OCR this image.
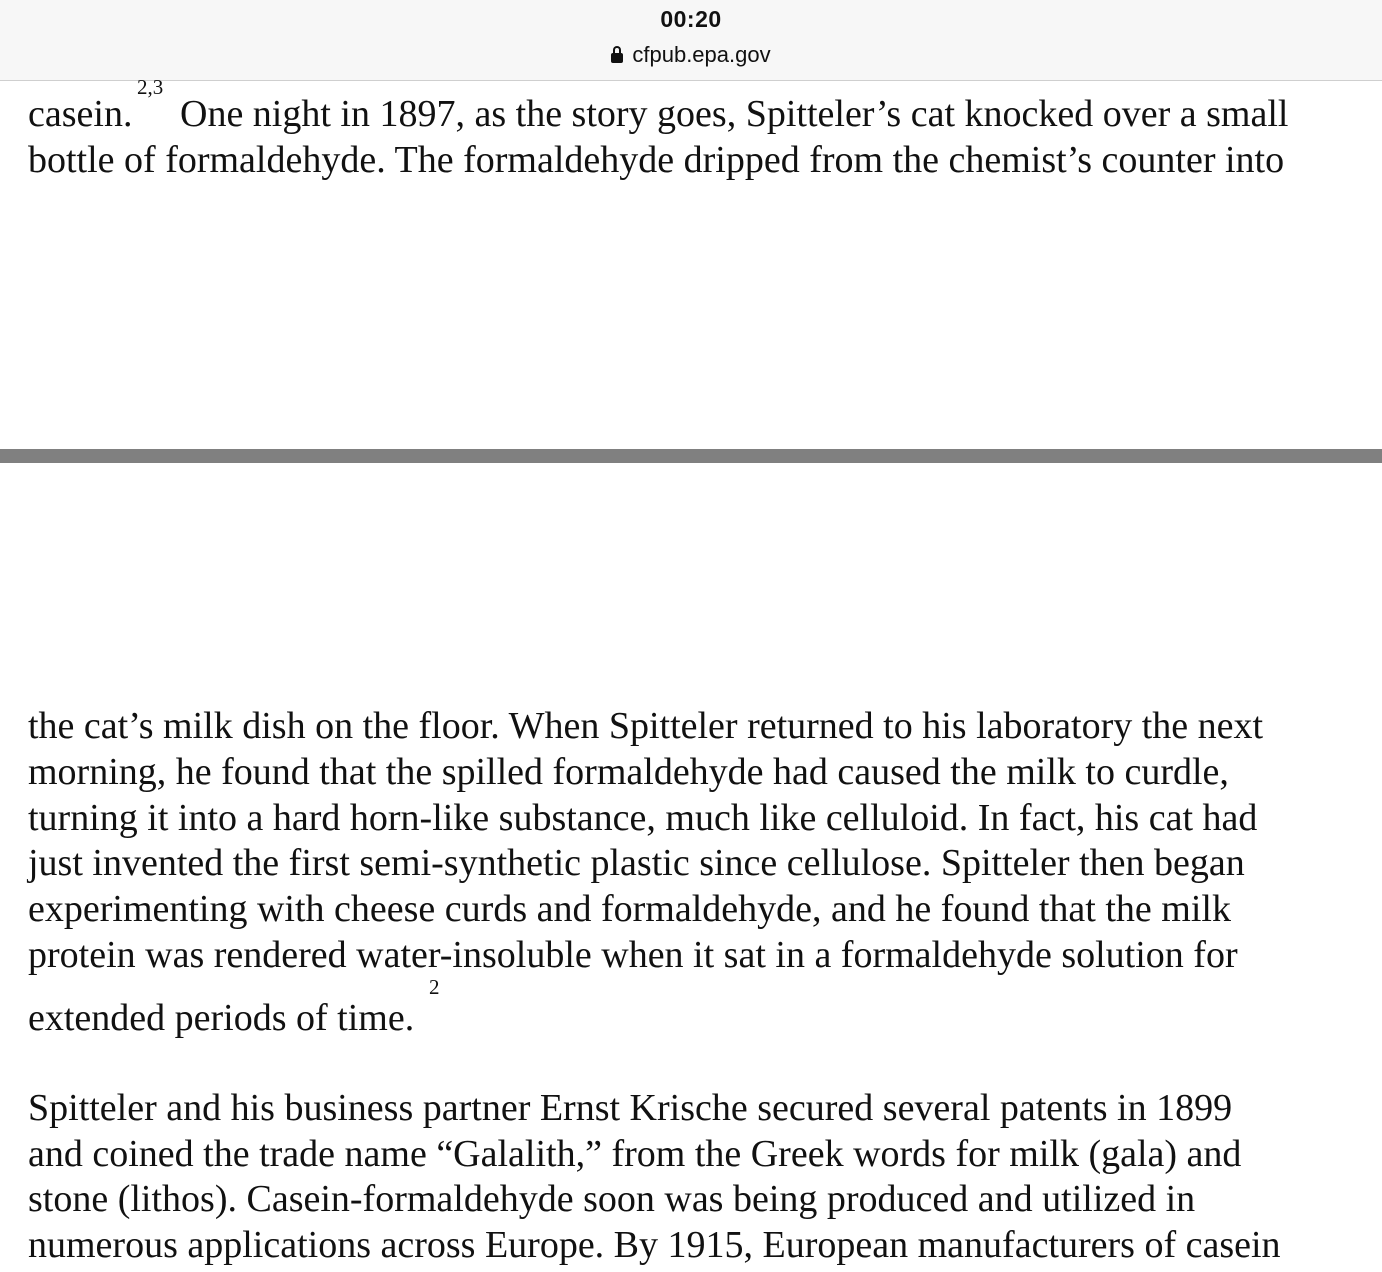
00:20
cfpub.epa.gov
casein.
2,3
One night in 1897, as the story goes, Spitteler’s cat knocked over a small
bottle of formaldehyde. The formaldehyde dripped from the chemist’s counter into
the cat’s milk dish on the floor. When Spitteler returned to his laboratory the next
morning, he found that the spilled formaldehyde had caused the milk to curdle,
turning it into a hard horn-like substance, much like celluloid. In fact, his cat had
just invented the first semi-synthetic plastic since cellulose. Spitteler then began
experimenting with cheese curds and formaldehyde, and he found that the milk
protein was rendered water-insoluble when it sat in a formaldehyde solution for
2
extended periods of time.
Spitteler and his business partner Ernst Krische secured several patents in 1899
and coined the trade name “Galalith,” from the Greek words for milk (gala) and
stone (lithos). Casein-formaldehyde soon was being produced and utilized in
numerous applications across Europe. By 1915, European manufacturers of casein
